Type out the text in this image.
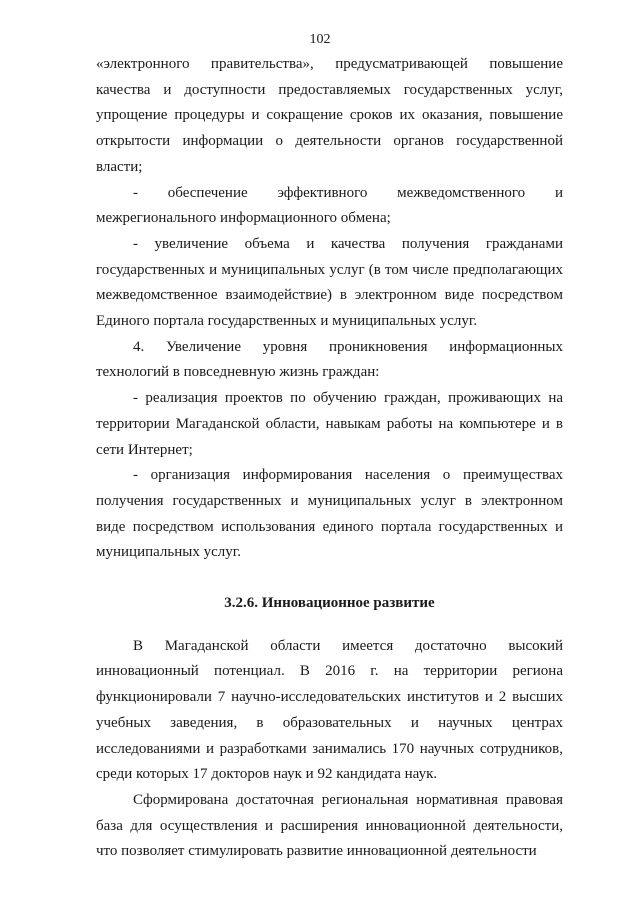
102

«электронного правительства», предусматривающей повышение качества и доступности предоставляемых государственных услуг, упрощение процедуры и сокращение сроков их оказания, повышение открытости информации о деятельности органов государственной власти;

- обеспечение эффективного межведомственного и межрегионального информационного обмена;

- увеличение объема и качества получения гражданами государственных и муниципальных услуг (в том числе предполагающих межведомственное взаимодействие) в электронном виде посредством Единого портала государственных и муниципальных услуг.

4. Увеличение уровня проникновения информационных технологий в повседневную жизнь граждан:

- реализация проектов по обучению граждан, проживающих на территории Магаданской области, навыкам работы на компьютере и в сети Интернет;

- организация информирования населения о преимуществах получения государственных и муниципальных услуг в электронном виде посредством использования единого портала государственных и муниципальных услуг.

3.2.6. Инновационное развитие

В Магаданской области имеется достаточно высокий инновационный потенциал. В 2016 г. на территории региона функционировали 7 научно-исследовательских институтов и 2 высших учебных заведения, в образовательных и научных центрах исследованиями и разработками занимались 170 научных сотрудников, среди которых 17 докторов наук и 92 кандидата наук.

Сформирована достаточная региональная нормативная правовая база для осуществления и расширения инновационной деятельности, что позволяет стимулировать развитие инновационной деятельности
